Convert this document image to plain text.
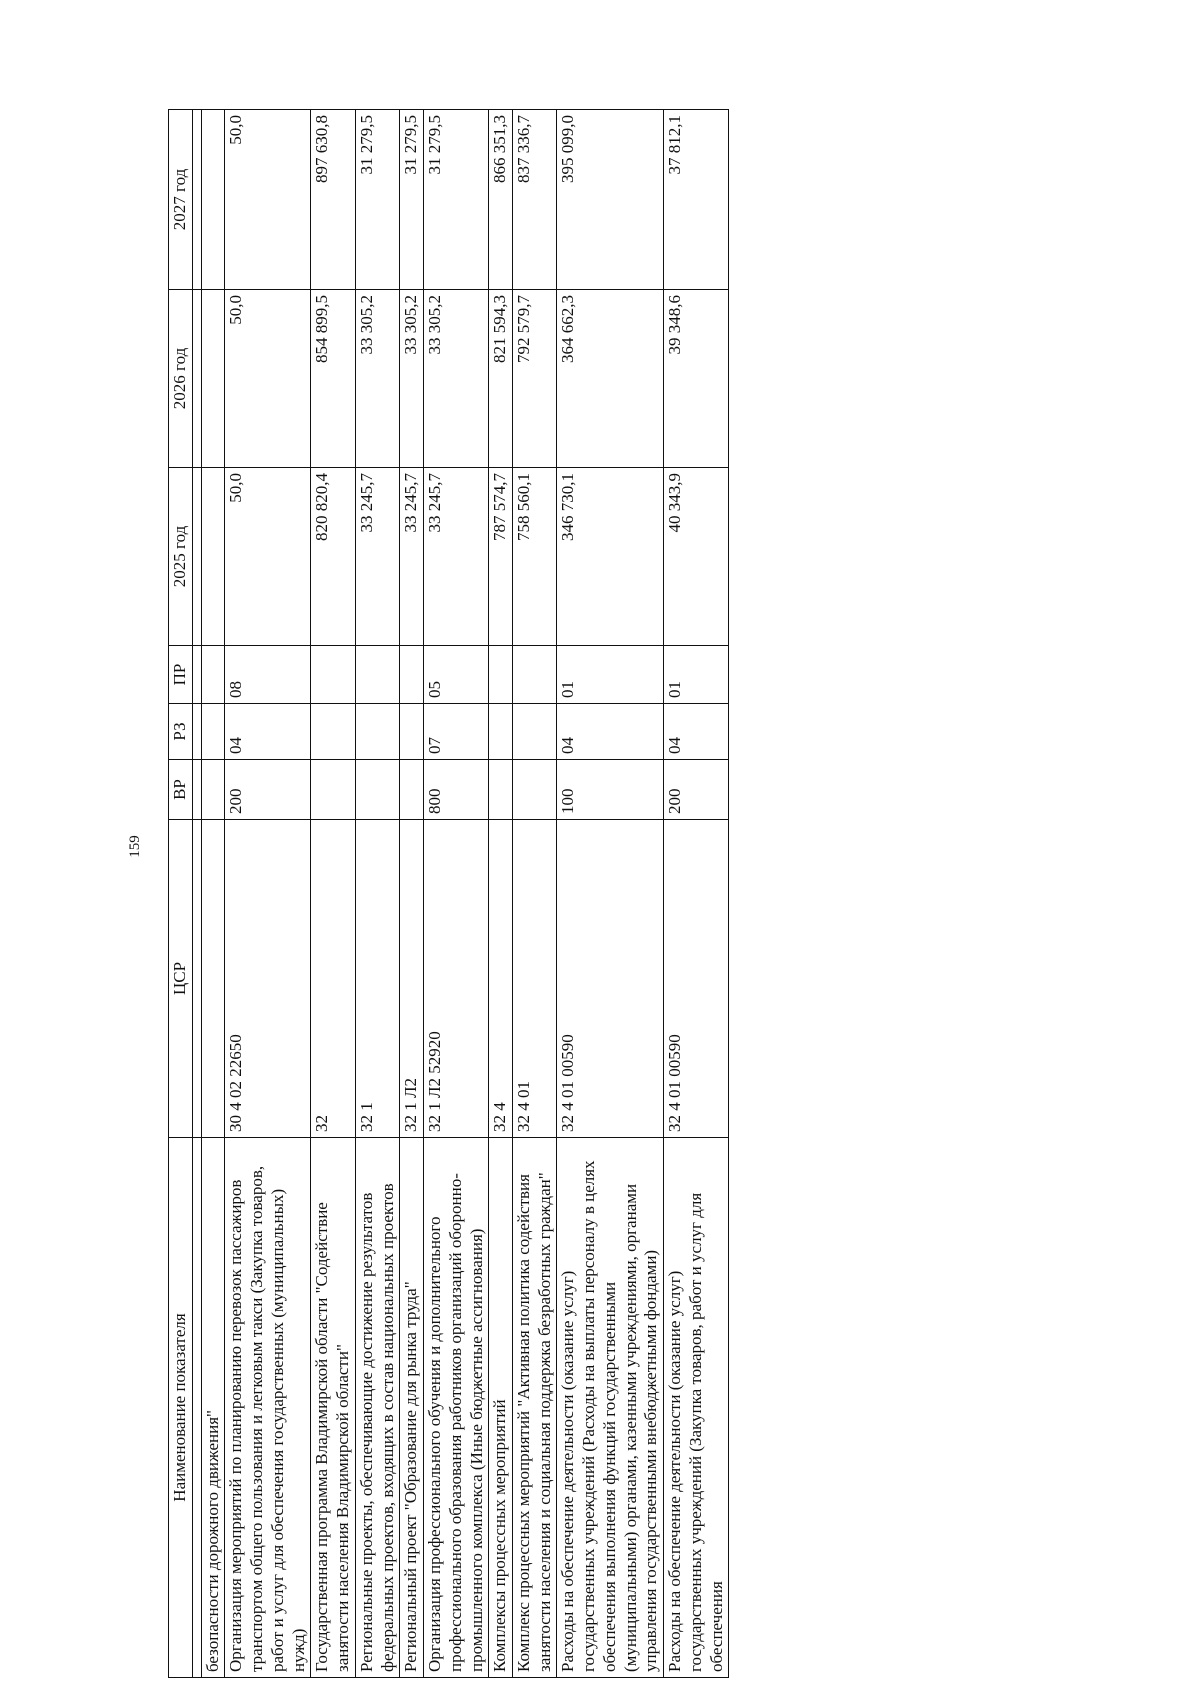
159
Наименование показателя	ЦСР	ВР	РЗ	ПР	2025 год	2026 год	2027 год

безопасности дорожного движения"							
Организация мероприятий по планированию перевозок пассажиров транспортом общего пользования и легковым такси (Закупка товаров, работ и услуг для обеспечения государственных (муниципальных) нужд)	30 4 02 22650	200	04	08	50,0	50,0	50,0
Государственная программа Владимирской области "Содействие занятости населения Владимирской области"	32				820 820,4	854 899,5	897 630,8
Региональные проекты, обеспечивающие достижение результатов федеральных проектов, входящих в состав национальных проектов	32 1				33 245,7	33 305,2	31 279,5
Региональный проект "Образование для рынка труда"	32 1 Л2				33 245,7	33 305,2	31 279,5
Организация профессионального обучения и дополнительного профессионального образования работников организаций оборонно-промышленного комплекса (Иные бюджетные ассигнования)	32 1 Л2 52920	800	07	05	33 245,7	33 305,2	31 279,5
Комплексы процессных мероприятий	32 4				787 574,7	821 594,3	866 351,3
Комплекс процессных мероприятий "Активная политика содействия занятости населения и социальная поддержка безработных граждан"	32 4 01				758 560,1	792 579,7	837 336,7
Расходы на обеспечение деятельности (оказание услуг) государственных учреждений (Расходы на выплаты персоналу в целях обеспечения выполнения функций государственными (муниципальными) органами, казенными учреждениями, органами управления государственными внебюджетными фондами)	32 4 01 00590	100	04	01	346 730,1	364 662,3	395 099,0
Расходы на обеспечение деятельности (оказание услуг) государственных учреждений (Закупка товаров, работ и услуг для обеспечения	32 4 01 00590	200	04	01	40 343,9	39 348,6	37 812,1
